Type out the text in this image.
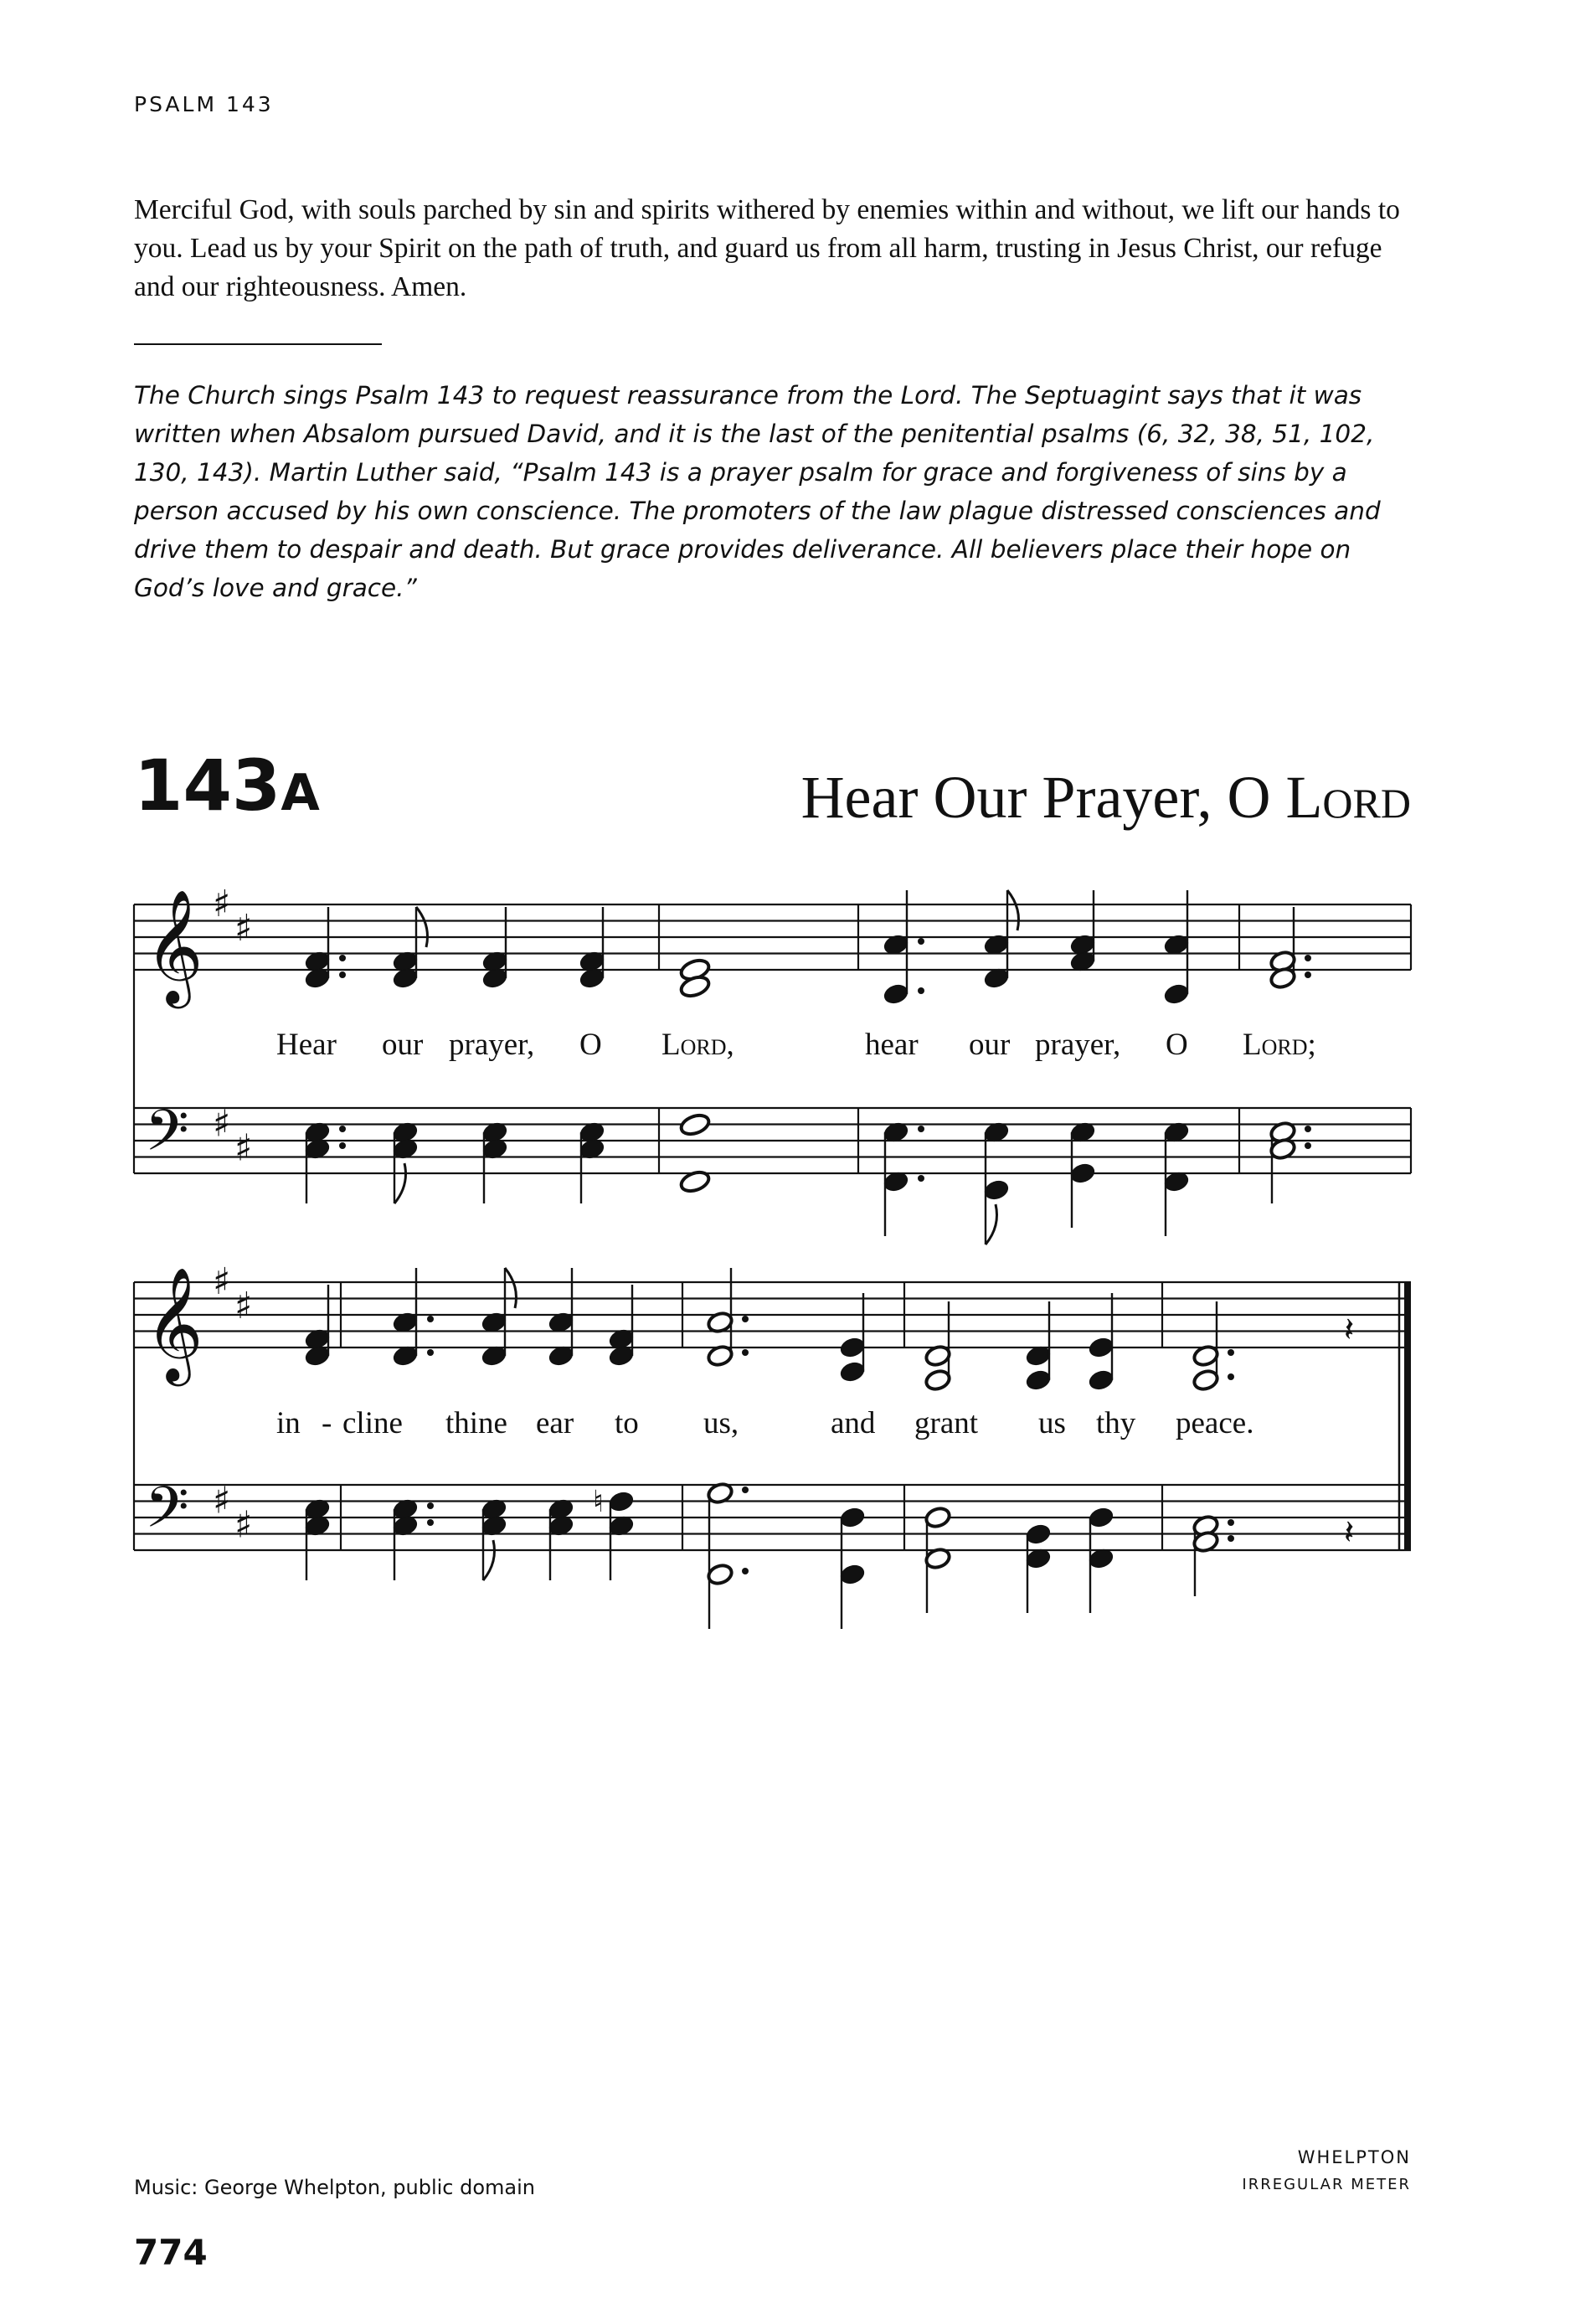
PSALM 143

Merciful God, with souls parched by sin and spirits withered by enemies within and without, we lift our hands to you. Lead us by your Spirit on the path of truth, and guard us from all harm, trusting in Jesus Christ, our refuge and our righteousness. Amen.

The Church sings Psalm 143 to request reassurance from the Lord. The Septuagint says that it was written when Absalom pursued David, and it is the last of the penitential psalms (6, 32, 38, 51, 102, 130, 143). Martin Luther said, “Psalm 143 is a prayer psalm for grace and forgiveness of sins by a person accused by his own conscience. The promoters of the law plague distressed consciences and drive them to despair and death. But grace provides deliverance. All believers place their hope on God’s love and grace.”

143A	Hear Our Prayer, O Lord
𝄞
𝄢
♯
♯
♯
♯
𝄞
𝄢
♯
♯
♯
♯
♮
𝄽
𝄽
Hear our prayer, O Lord,	hear our prayer, O Lord;
in - cline thine ear to us,	and grant us thy peace.
WHELPTON
IRREGULAR METER
Music: George Whelpton, public domain
774
